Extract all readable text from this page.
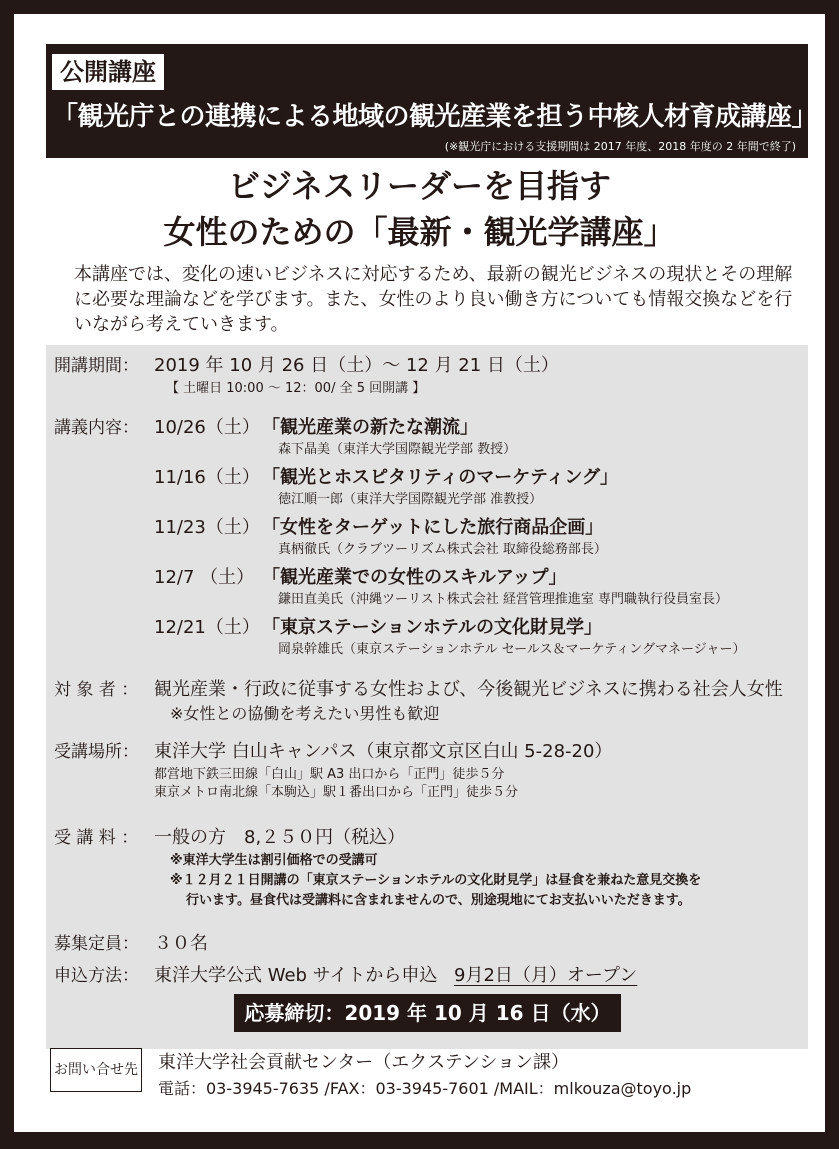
公開講座
「観光庁との連携による地域の観光産業を担う中核人材育成講座」
(※観光庁における支援期間は 2017 年度、2018 年度の 2 年間で終了)
ビジネスリーダーを目指す
女性のための「最新・観光学講座」
本講座では、変化の速いビジネスに対応するため、最新の観光ビジネスの現状とその理解に必要な理論などを学びます。また、女性のより良い働き方についても情報交換などを行いながら考えていきます。
開講期間： 2019 年 10 月 26 日（土）～ 12 月 21 日（土）
【 土曜日 10:00 ～ 12：00/ 全 5 回開講 】
講義内容： 10/26（土） 「観光産業の新たな潮流」
森下晶美（東洋大学国際観光学部 教授）
11/16（土） 「観光とホスピタリティのマーケティング」
徳江順一郎（東洋大学国際観光学部 准教授）
11/23（土） 「女性をターゲットにした旅行商品企画」
真柄徹氏（クラブツーリズム株式会社 取締役総務部長）
12/7 （土） 「観光産業での女性のスキルアップ」
鎌田直美氏（沖縄ツーリスト株式会社 経営管理推進室 専門職執行役員室長）
12/21（土） 「東京ステーションホテルの文化財見学」
岡泉幹雄氏（東京ステーションホテル セールス＆マーケティングマネージャー）
対 象 者 ： 観光産業・行政に従事する女性および、今後観光ビジネスに携わる社会人女性
※女性との協働を考えたい男性も歓迎
受講場所： 東洋大学 白山キャンパス（東京都文京区白山 5-28-20）
都営地下鉄三田線「白山」駅 A3 出口から「正門」徒歩５分
東京メトロ南北線「本駒込」駅１番出口から「正門」徒歩５分
受 講 料 ： 一般の方　8,２５０円（税込）
※東洋大学生は割引価格での受講可
※１２月２１日開講の「東京ステーションホテルの文化財見学」は昼食を兼ねた意見交換を
行います。昼食代は受講料に含まれませんので、別途現地にてお支払いいただきます。
募集定員： ３０名
申込方法： 東洋大学公式 Web サイトから申込 9月2日（月）オープン
応募締切：2019 年 10 月 16 日（水）
お問い合せ先 東洋大学社会貢献センター（エクステンション課）
電話：03-3945-7635 /FAX：03-3945-7601 /MAIL：mlkouza@toyo.jp
